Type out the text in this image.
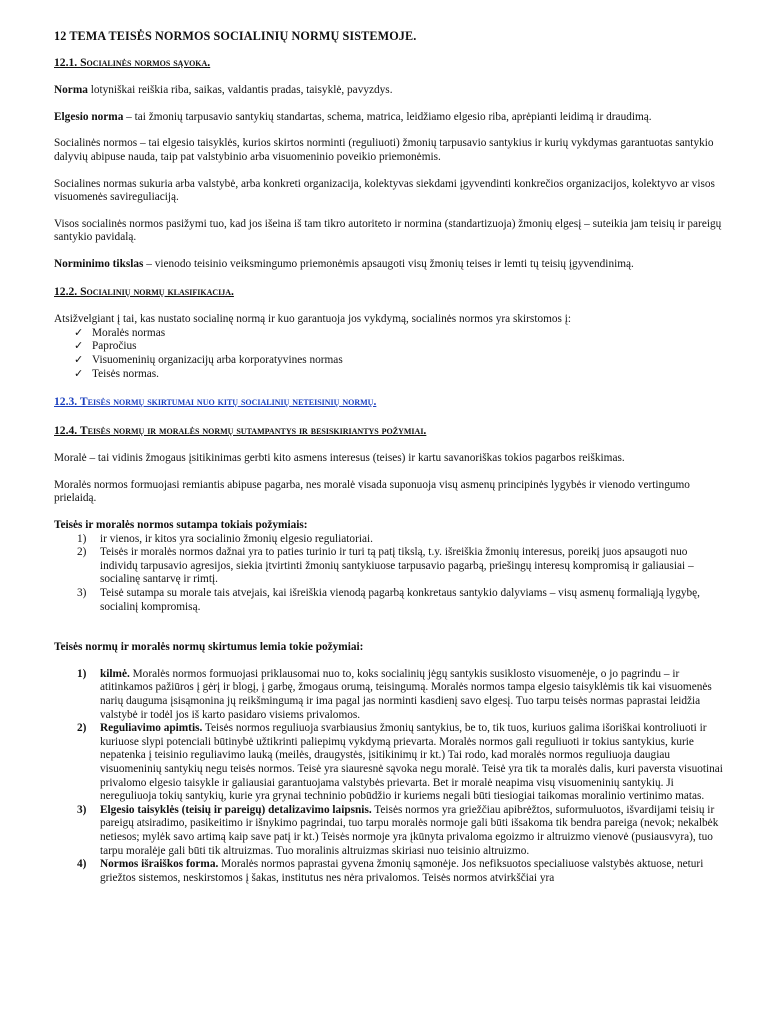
12 TEMA TEISĖS NORMOS SOCIALINIŲ NORMŲ SISTEMOJE.
12.1. Socialinės normos sąvoka.

Norma lotyniškai reiškia riba, saikas, valdantis pradas, taisyklė, pavyzdys.

Elgesio norma – tai žmonių tarpusavio santykių standartas, schema, matrica, leidžiamo elgesio riba, aprėpianti leidimą ir draudimą.

Socialinės normos – tai elgesio taisyklės, kurios skirtos norminti (reguliuoti) žmonių tarpusavio santykius ir kurių vykdymas garantuotas santykio dalyvių abipuse nauda, taip pat valstybinio arba visuomeninio poveikio priemonėmis.

Socialines normas sukuria arba valstybė, arba konkreti organizacija, kolektyvas siekdami įgyvendinti konkrečios organizacijos, kolektyvo ar visos visuomenės savireguliaciją.

Visos socialinės normos pasižymi tuo, kad jos išeina iš tam tikro autoriteto ir normina (standartizuoja) žmonių elgesį – suteikia jam teisių ir pareigų santykio pavidalą.

Norminimo tikslas – vienodo teisinio veiksmingumo priemonėmis apsaugoti visų žmonių teises ir lemti tų teisių įgyvendinimą.

12.2. Socialinių normų klasifikacija.

Atsižvelgiant į tai, kas nustato socialinę normą ir kuo garantuoja jos vykdymą, socialinės normos yra skirstomos į:

✓ Moralės normas
✓ Papročius
✓ Visuomeninių organizacijų arba korporatyvines normas
✓ Teisės normas.
12.3. Teisės normų skirtumai nuo kitų socialinių neteisinių normų.
12.4. Teisės normų ir moralės normų sutampantys ir besiskiriantys požymiai.

Moralė – tai vidinis žmogaus įsitikinimas gerbti kito asmens interesus (teises) ir kartu savanoriškas tokios pagarbos reiškimas.

Moralės normos formuojasi remiantis abipuse pagarba, nes moralė visada suponuoja visų asmenų principinės lygybės ir vienodo vertingumo prielaidą.

Teisės ir moralės normos sutampa tokiais požymiais:
1) ir vienos, ir kitos yra socialinio žmonių elgesio reguliatoriai.
2) Teisės ir moralės normos dažnai yra to paties turinio ir turi tą patį tikslą, t.y. išreiškia žmonių interesus, poreikį juos apsaugoti nuo individų tarpusavio agresijos, siekia įtvirtinti žmonių santykiuose tarpusavio pagarbą, priešingų interesų kompromisą ir galiausiai – socialinę santarvę ir rimtį.
3) Teisė sutampa su morale tais atvejais, kai išreiškia vienodą pagarbą konkretaus santykio dalyviams – visų asmenų formaliąją lygybę, socialinį kompromisą.
Teisės normų ir moralės normų skirtumus lemia tokie požymiai:
1) kilmė. Moralės normos formuojasi priklausomai nuo to, koks socialinių jėgų santykis susiklosto visuomenėje, o jo pagrindu – ir atitinkamos pažiūros į gėrį ir blogį, į garbę, žmogaus orumą, teisingumą. Moralės normos tampa elgesio taisyklėmis tik kai visuomenės narių dauguma įsisąmonina jų reikšmingumą ir ima pagal jas norminti kasdienį savo elgesį. Tuo tarpu teisės normas paprastai leidžia valstybė ir todėl jos iš karto pasidaro visiems privalomos.
2) Reguliavimo apimtis. Teisės normos reguliuoja svarbiausius žmonių santykius, be to, tik tuos, kuriuos galima išoriškai kontroliuoti ir kuriuose slypi potenciali būtinybė užtikrinti paliepimų vykdymą prievarta. Moralės normos gali reguliuoti ir tokius santykius, kurie nepatenka į teisinio reguliavimo lauką (meilės, draugystės, įsitikinimų ir kt.) Tai rodo, kad moralės normos reguliuoja daugiau visuomeninių santykių negu teisės normos. Teisė yra siauresnė sąvoka negu moralė. Teisė yra tik ta moralės dalis, kuri paversta visuotinai privalomo elgesio taisykle ir galiausiai garantuojama valstybės prievarta. Bet ir moralė neapima visų visuomeninių santykių. Ji nereguliuoja tokių santykių, kurie yra grynai techninio pobūdžio ir kuriems negali būti tiesiogiai taikomas moralinio vertinimo matas.
3) Elgesio taisyklės (teisių ir pareigų) detalizavimo laipsnis. Teisės normos yra griežčiau apibrėžtos, suformuluotos, išvardijami teisių ir pareigų atsiradimo, pasikeitimo ir išnykimo pagrindai, tuo tarpu moralės normoje gali būti išsakoma tik bendra pareiga (nevok; nekalbėk netiesos; mylėk savo artimą kaip save patį ir kt.) Teisės normoje yra įkūnyta privaloma egoizmo ir altruizmo vienovė (pusiausvyra), tuo tarpu moralėje gali būti tik altruizmas. Tuo moralinis altruizmas skiriasi nuo teisinio altruizmo.
4) Normos išraiškos forma. Moralės normos paprastai gyvena žmonių sąmonėje. Jos nefiksuotos specialiuose valstybės aktuose, neturi griežtos sistemos, neskirstomos į šakas, institutus nes nėra privalomos. Teisės normos atvirkščiai yra
